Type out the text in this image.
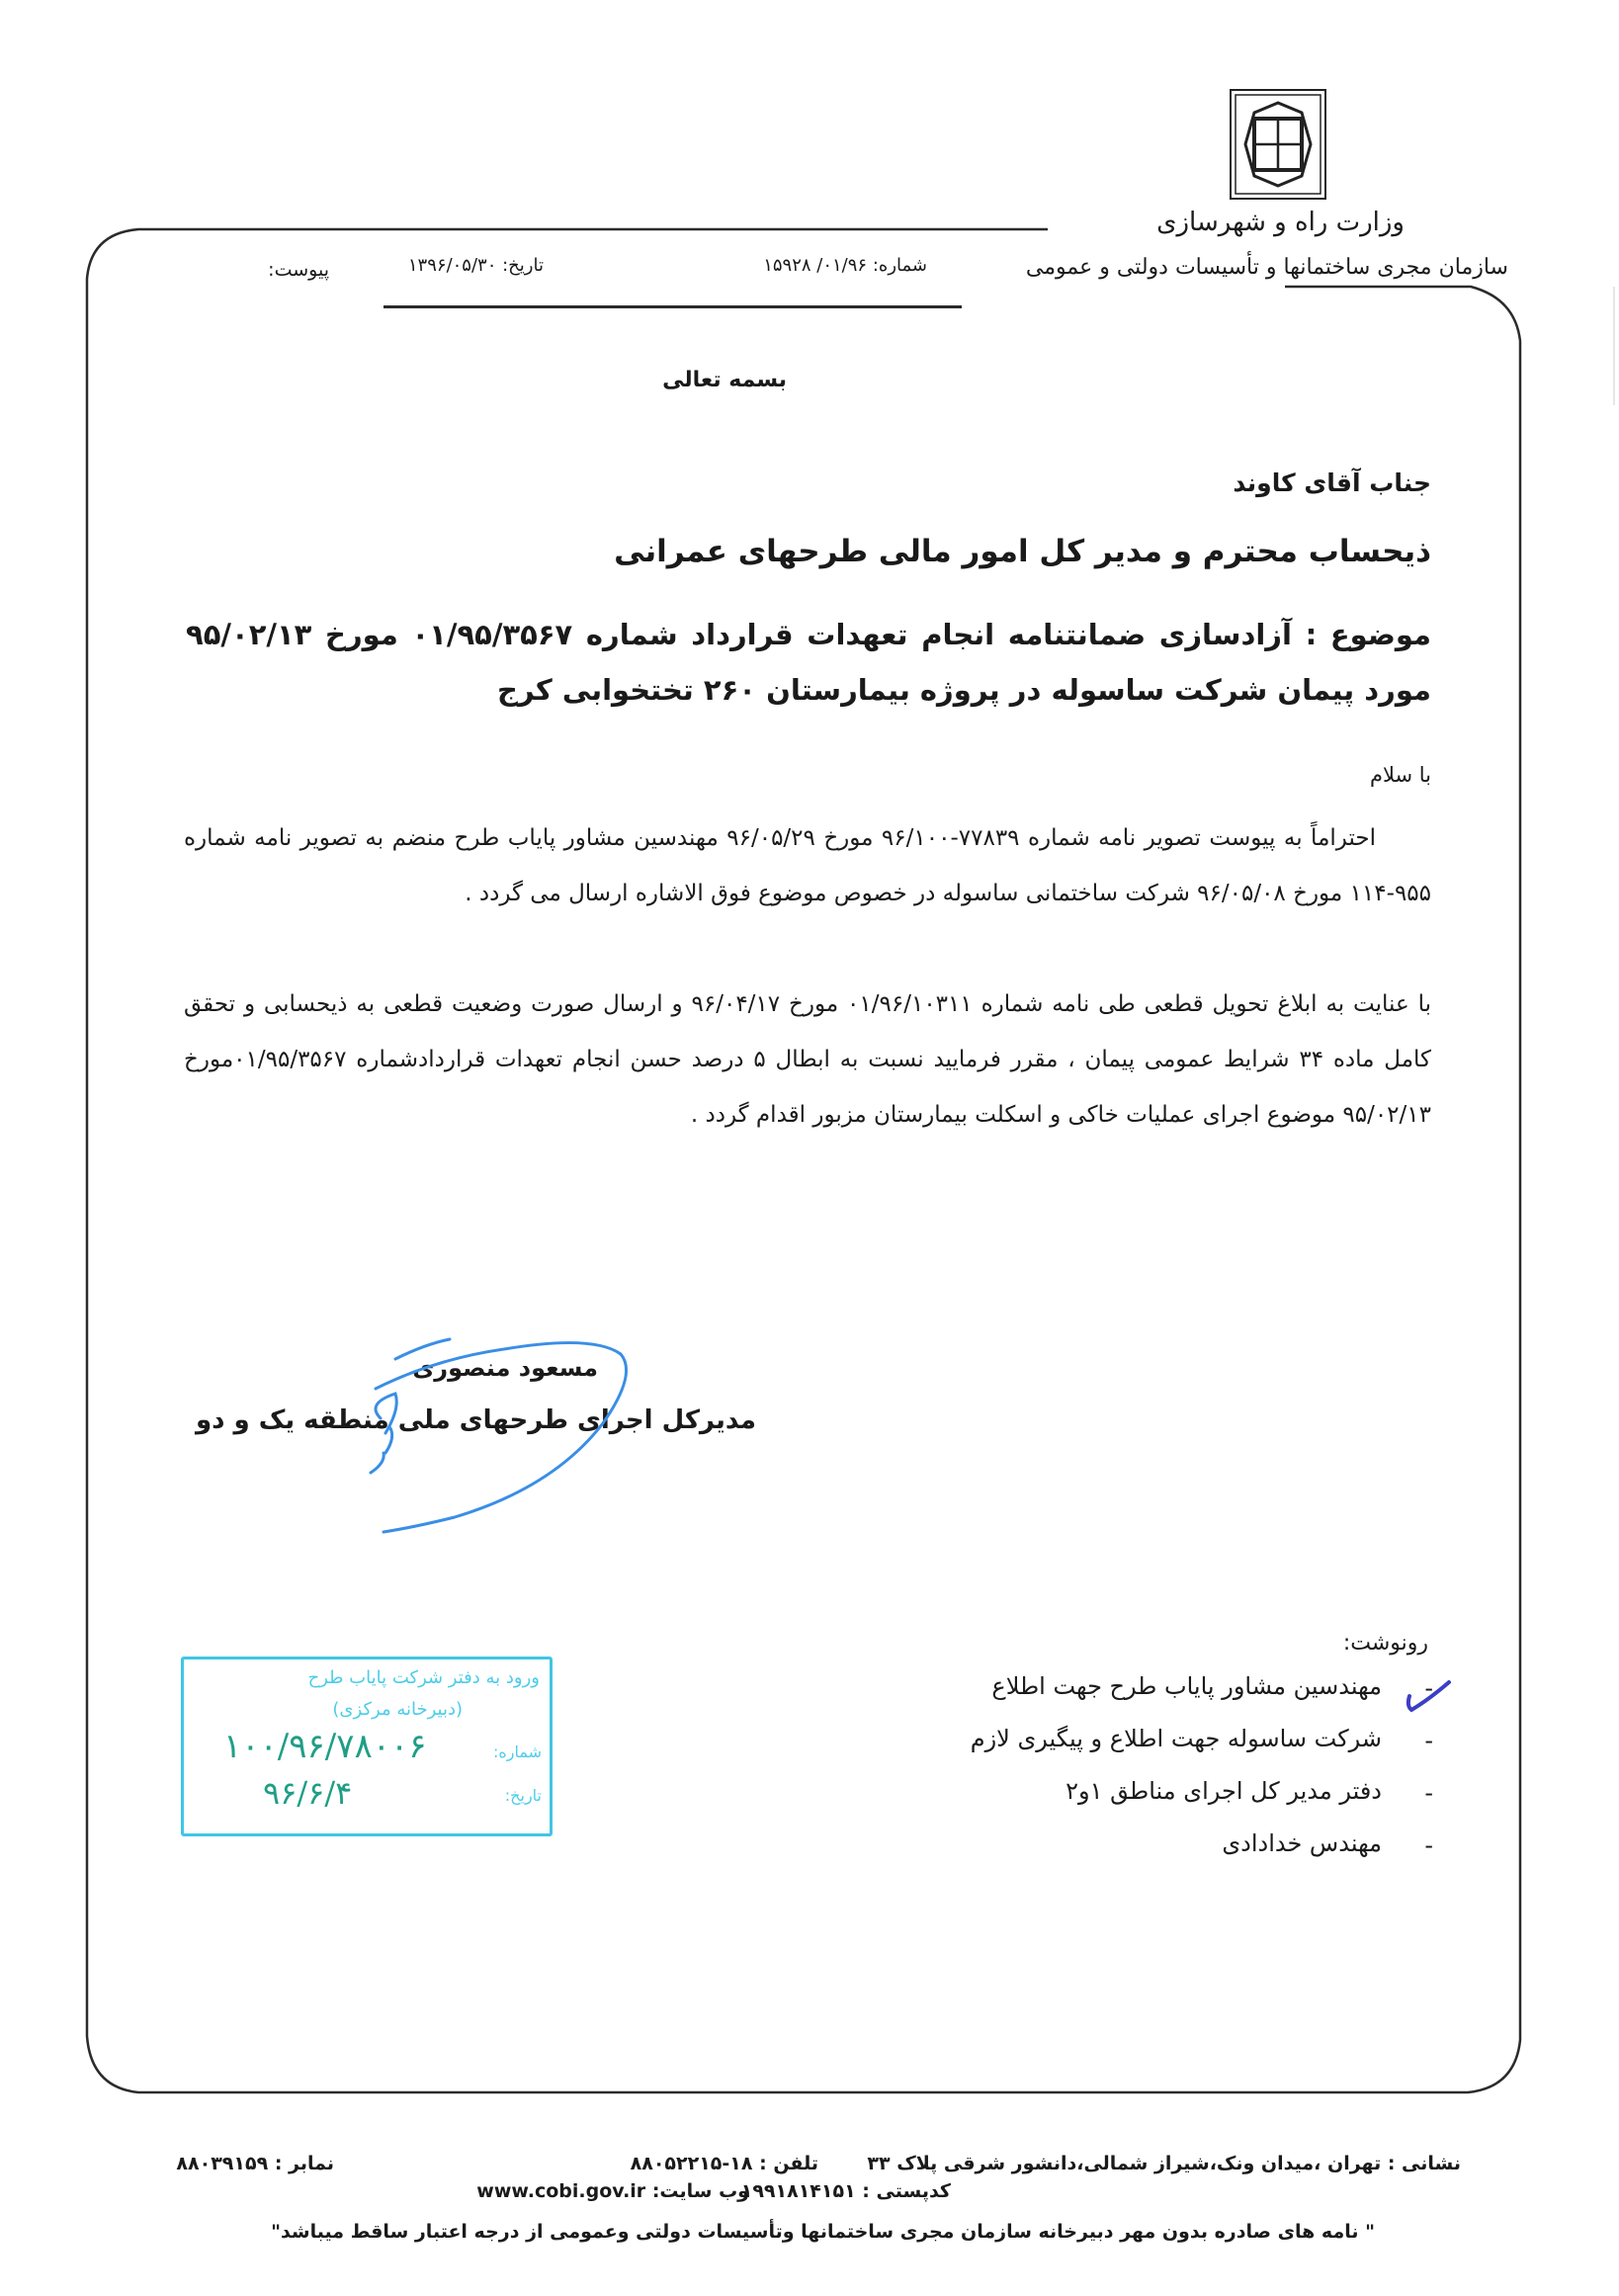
وزارت راه و شهرسازی
سازمان مجری ساختمانها و تأسیسات دولتی و عمومی
شماره: ۰۱/۹۶/ ۱۵۹۲۸
تاریخ: ۱۳۹۶/۰۵/۳۰
پیوست:
بسمه تعالی
جناب آقای کاوند
ذیحساب محترم و مدیر کل امور مالی طرحهای عمرانی
موضوع : آزادسازی ضمانتنامه انجام تعهدات قرارداد شماره ۰۱/۹۵/۳۵۶۷ مورخ ۹۵/۰۲/۱۳ مورد پیمان شرکت ساسوله در پروژه بیمارستان ۲۶۰ تختخوابی کرج
با سلام
احتراماً به پیوست تصویر نامه شماره ۷۷۸۳۹-۹۶/۱۰۰ مورخ ۹۶/۰۵/۲۹ مهندسین مشاور پایاب طرح منضم به تصویر نامه شماره ۹۵۵-۱۱۴ مورخ ۹۶/۰۵/۰۸ شرکت ساختمانی ساسوله در خصوص موضوع فوق الاشاره ارسال می گردد .
با عنایت به ابلاغ تحویل قطعی طی نامه شماره ۰۱/۹۶/۱۰۳۱۱ مورخ ۹۶/۰۴/۱۷ و ارسال صورت وضعیت قطعی به ذیحسابی و تحقق کامل ماده ۳۴ شرایط عمومی پیمان ، مقرر فرمایید نسبت به ابطال ۵ درصد حسن انجام تعهدات قراردادشماره ۰۱/۹۵/۳۵۶۷مورخ ۹۵/۰۲/۱۳ موضوع اجرای عملیات خاکی و اسکلت بیمارستان مزبور اقدام گردد .
مسعود منصوری
مدیرکل اجرای طرحهای ملی منطقه یک و دو
رونوشت:
-
مهندسین مشاور پایاب طرح جهت اطلاع
-
شرکت ساسوله جهت اطلاع و پیگیری لازم
-
دفتر مدیر کل اجرای مناطق ۱و۲
-
مهندس خدادادی
ورود به دفتر شرکت پایاب طرح
(دبیرخانه مرکزی)
شماره:
تاریخ:
۱۰۰/۹۶/۷۸۰۰۶
۹۶/۶/۴
نشانی : تهران ،میدان ونک،شیراز شمالی،دانشور شرقی پلاک ۳۳
تلفن : ۱۸-۸۸۰۵۲۲۱۵
نمابر : ۸۸۰۳۹۱۵۹
کدپستی : ۱۹۹۱۸۱۴۱۵۱
وب سایت: www.cobi.gov.ir
" نامه های صادره بدون مهر دبیرخانه سازمان مجری ساختمانها وتأسیسات دولتی وعمومی از درجه اعتبار ساقط میباشد"
